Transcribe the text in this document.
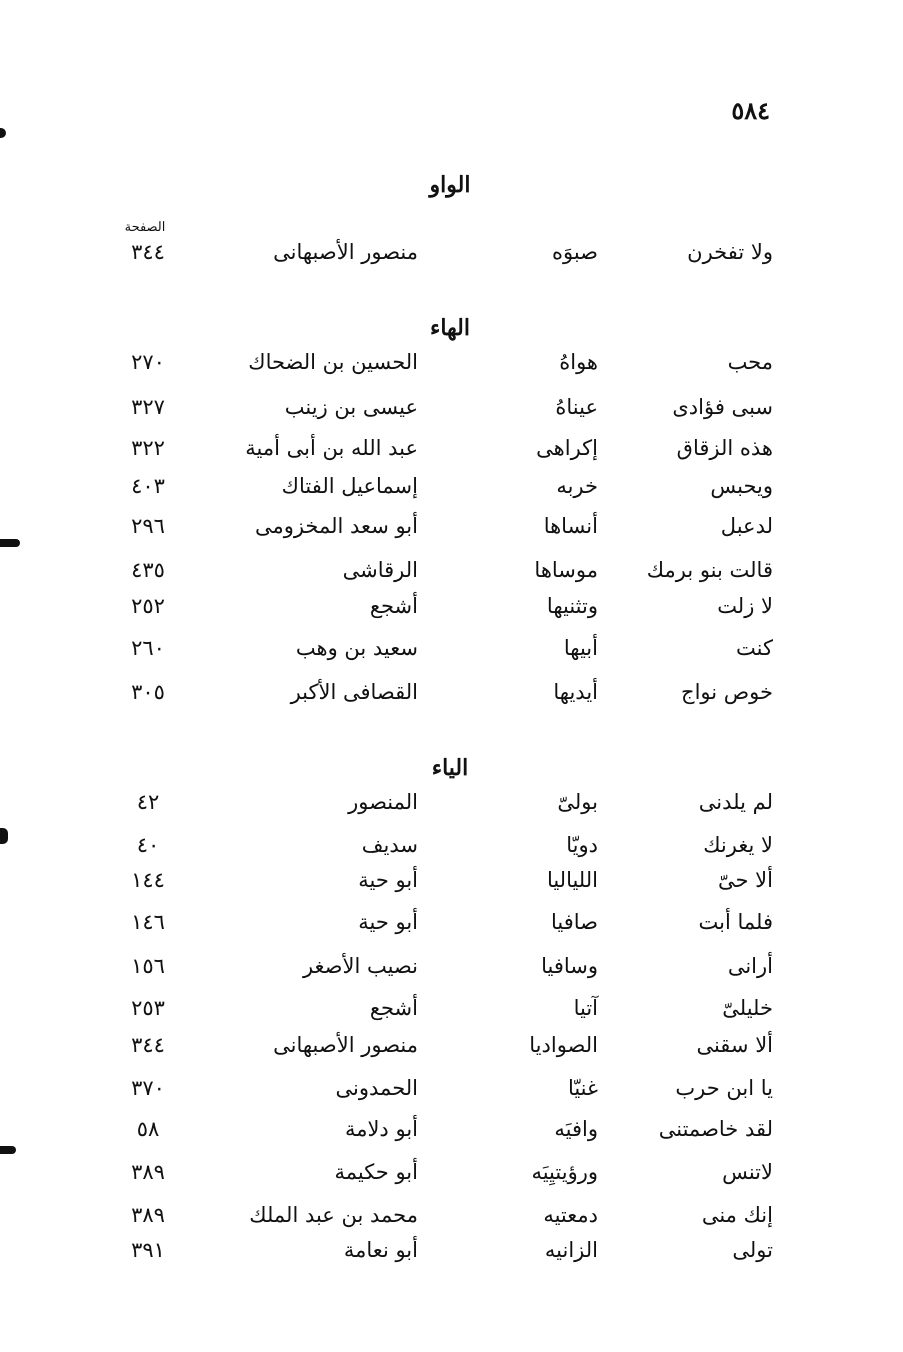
٥٨٤
الصفحة
الواو
ولا تفخرن
صبوَه
منصور الأصبهانى
٣٤٤
الهاء
محب
هواهُ
الحسين بن الضحاك
٢٧٠
سبى فؤادى
عيناهُ
عيسى بن زينب
٣٢٧
هذه الزقاق
إكراهى
عبد الله بن أبى أمية
٣٢٢
ويحبس
خربه
إسماعيل الفتاك
٤٠٣
لدعبل
أنساها
أبو سعد المخزومى
٢٩٦
قالت بنو برمك
موساها
الرقاشى
٤٣٥
لا زلت
وتثنيها
أشجع
٢٥٢
كنت
أبيها
سعيد بن وهب
٢٦٠
خوص نواج
أيديها
القصافى الأكبر
٣٠٥
الياء
لم يلدنى
بولىّ
المنصور
٤٢
لا يغرنك
دويّا
سديف
٤٠
ألا حىّ
اللياليا
أبو حية
١٤٤
فلما أبت
صافيا
أبو حية
١٤٦
أرانى
وسافيا
نصيب الأصغر
١٥٦
خليلىّ
آتيا
أشجع
٢٥٣
ألا سقنى
الصواديا
منصور الأصبهانى
٣٤٤
يا ابن حرب
غنيّا
الحمدونى
٣٧٠
لقد خاصمتنى
وافيَه
أبو دلامة
٥٨
لاتنس
ورؤيتيِيَه
أبو حكيمة
٣٨٩
إنك منى
دمعتيه
محمد بن عبد الملك
٣٨٩
تولى
الزانيه
أبو نعامة
٣٩١
